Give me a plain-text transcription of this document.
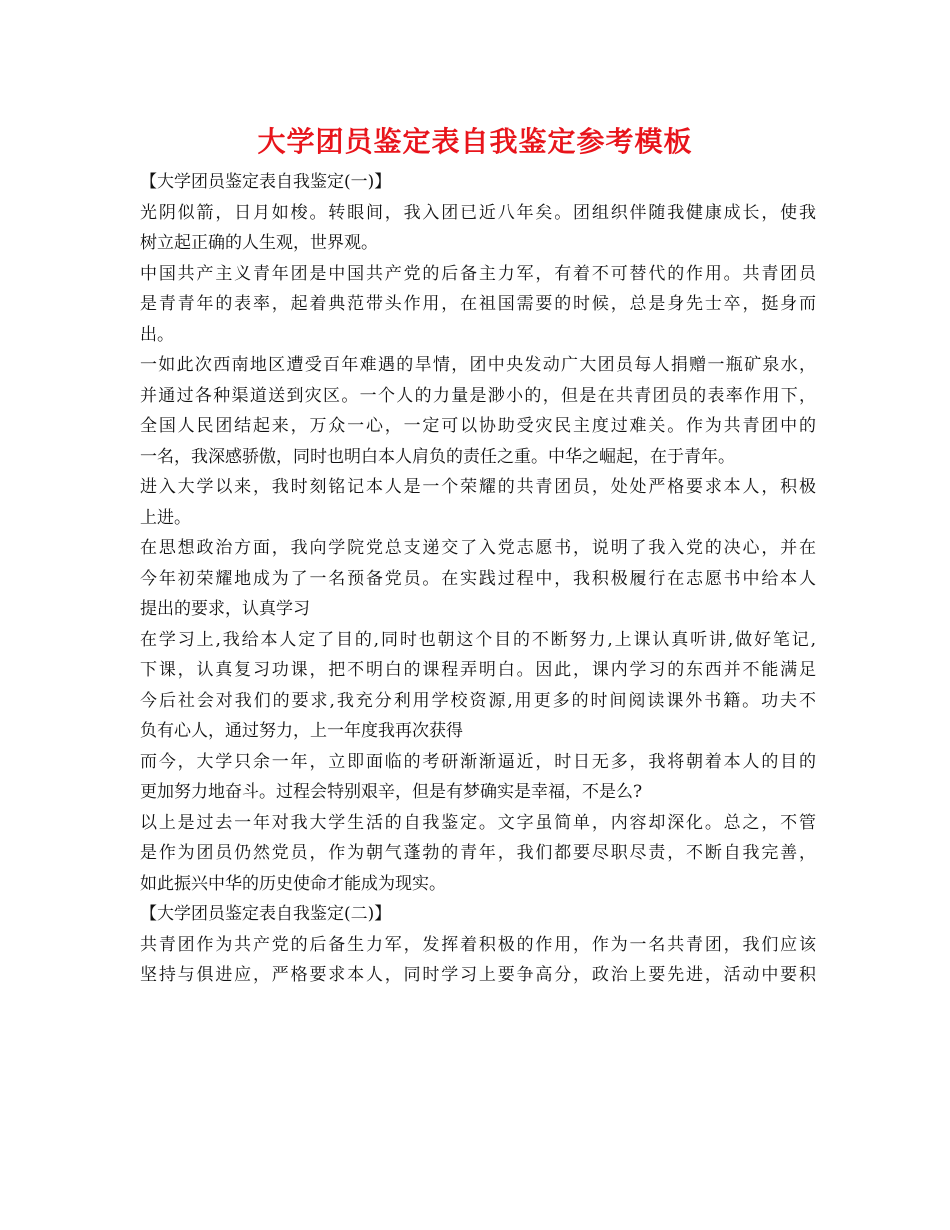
大学团员鉴定表自我鉴定参考模板
【大学团员鉴定表自我鉴定(一)】
光阴似箭，日月如梭。转眼间，我入团已近八年矣。团组织伴随我健康成长，使我
树立起正确的人生观，世界观。
中国共产主义青年团是中国共产党的后备主力军，有着不可替代的作用。共青团员
是青青年的表率，起着典范带头作用，在祖国需要的时候，总是身先士卒，挺身而
出。
一如此次西南地区遭受百年难遇的旱情，团中央发动广大团员每人捐赠一瓶矿泉水，
并通过各种渠道送到灾区。一个人的力量是渺小的，但是在共青团员的表率作用下，
全国人民团结起来，万众一心，一定可以协助受灾民主度过难关。作为共青团中的
一名，我深感骄傲，同时也明白本人肩负的责任之重。中华之崛起，在于青年。
进入大学以来，我时刻铭记本人是一个荣耀的共青团员，处处严格要求本人，积极
上进。
在思想政治方面，我向学院党总支递交了入党志愿书，说明了我入党的决心，并在
今年初荣耀地成为了一名预备党员。在实践过程中，我积极履行在志愿书中给本人
提出的要求，认真学习
在学习上,我给本人定了目的,同时也朝这个目的不断努力,上课认真听讲,做好笔记,
下课，认真复习功课，把不明白的课程弄明白。因此，课内学习的东西并不能满足
今后社会对我们的要求,我充分利用学校资源,用更多的时间阅读课外书籍。功夫不
负有心人，通过努力，上一年度我再次获得
而今，大学只余一年，立即面临的考研渐渐逼近，时日无多，我将朝着本人的目的
更加努力地奋斗。过程会特别艰辛，但是有梦确实是幸福，不是么?
以上是过去一年对我大学生活的自我鉴定。文字虽简单，内容却深化。总之，不管
是作为团员仍然党员，作为朝气蓬勃的青年，我们都要尽职尽责，不断自我完善，
如此振兴中华的历史使命才能成为现实。
【大学团员鉴定表自我鉴定(二)】
共青团作为共产党的后备生力军，发挥着积极的作用，作为一名共青团，我们应该
坚持与俱进应，严格要求本人，同时学习上要争高分，政治上要先进，活动中要积
